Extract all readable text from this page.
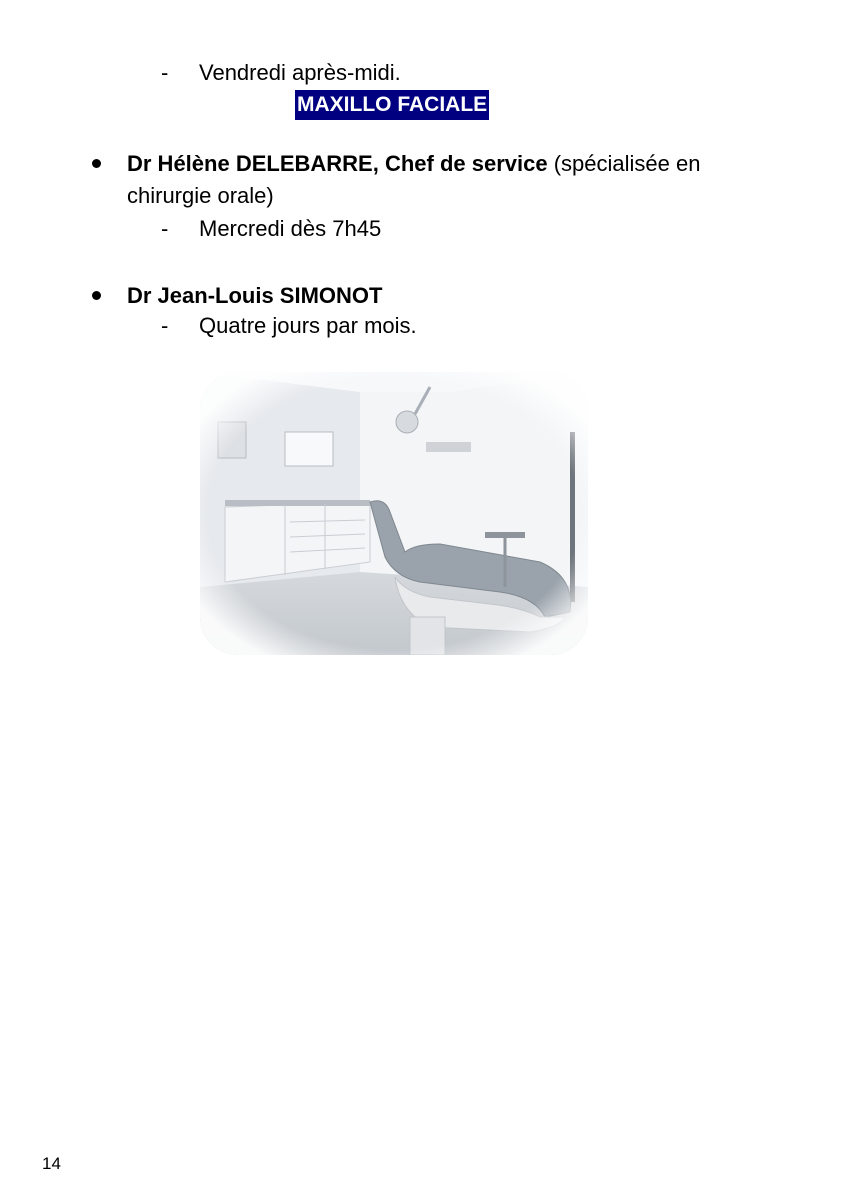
- Vendredi après-midi.
MAXILLO FACIALE
Dr Hélène DELEBARRE, Chef de service (spécialisée en chirurgie orale)
- Mercredi dès 7h45
Dr Jean-Louis SIMONOT
- Quatre jours par mois.
14
